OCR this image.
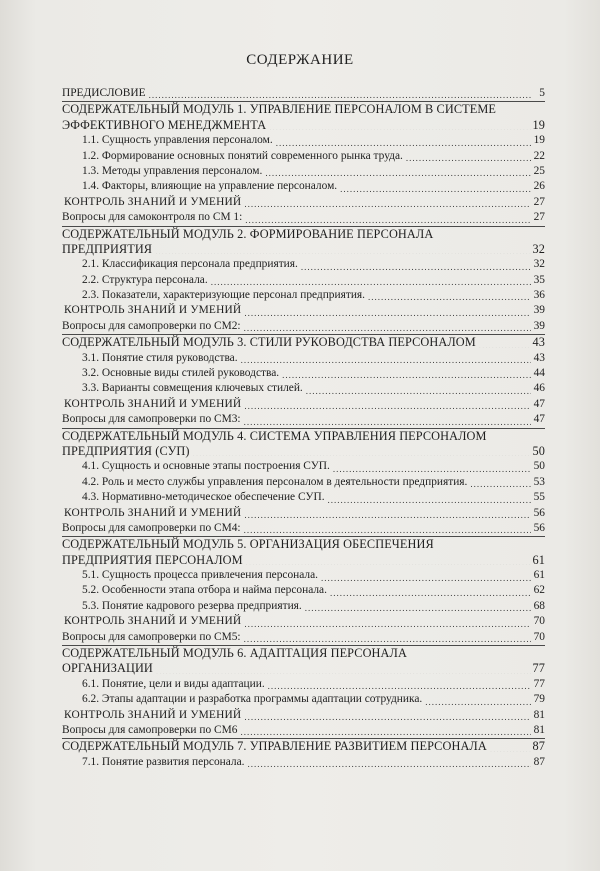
СОДЕРЖАНИЕ
ПРЕДИСЛОВИЕ .....	5
СОДЕРЖАТЕЛЬНЫЙ МОДУЛЬ 1. УПРАВЛЕНИЕ ПЕРСОНАЛОМ В СИСТЕМЕ
ЭФФЕКТИВНОГО МЕНЕДЖМЕНТА .....	19
1.1. Сущность управления персоналом. .....	19
1.2. Формирование основных понятий современного рынка труда. .....	22
1.3. Методы управления персоналом. .....	25
1.4. Факторы, влияющие на управление персоналом. .....	26
КОНТРОЛЬ ЗНАНИЙ И УМЕНИЙ .....	27
Вопросы для самоконтроля по СМ 1: .....	27
СОДЕРЖАТЕЛЬНЫЙ МОДУЛЬ 2. ФОРМИРОВАНИЕ ПЕРСОНАЛА
ПРЕДПРИЯТИЯ .....	32
2.1. Классификация персонала предприятия. .....	32
2.2. Структура персонала. .....	35
2.3. Показатели, характеризующие персонал предприятия. .....	36
КОНТРОЛЬ ЗНАНИЙ И УМЕНИЙ .....	39
Вопросы для самопроверки по СМ2: .....	39
СОДЕРЖАТЕЛЬНЫЙ МОДУЛЬ 3. СТИЛИ РУКОВОДСТВА ПЕРСОНАЛОМ .....	43
3.1. Понятие стиля руководства. .....	43
3.2. Основные виды стилей руководства. .....	44
3.3. Варианты совмещения ключевых стилей. .....	46
КОНТРОЛЬ ЗНАНИЙ И УМЕНИЙ .....	47
Вопросы для самопроверки по СМ3: .....	47
СОДЕРЖАТЕЛЬНЫЙ МОДУЛЬ 4. СИСТЕМА УПРАВЛЕНИЯ ПЕРСОНАЛОМ
ПРЕДПРИЯТИЯ (СУП) .....	50
4.1. Сущность и основные этапы построения СУП. .....	50
4.2. Роль и место службы управления персоналом в деятельности предприятия. .....	53
4.3. Нормативно-методическое обеспечение СУП. .....	55
КОНТРОЛЬ ЗНАНИЙ И УМЕНИЙ .....	56
Вопросы для самопроверки по СМ4: .....	56
СОДЕРЖАТЕЛЬНЫЙ МОДУЛЬ 5. ОРГАНИЗАЦИЯ ОБЕСПЕЧЕНИЯ
ПРЕДПРИЯТИЯ ПЕРСОНАЛОМ .....	61
5.1. Сущность процесса привлечения персонала. .....	61
5.2. Особенности этапа отбора и найма персонала. .....	62
5.3. Понятие кадрового резерва предприятия. .....	68
КОНТРОЛЬ ЗНАНИЙ И УМЕНИЙ .....	70
Вопросы для самопроверки по СМ5: .....	70
СОДЕРЖАТЕЛЬНЫЙ МОДУЛЬ 6. АДАПТАЦИЯ ПЕРСОНАЛА
ОРГАНИЗАЦИИ .....	77
6.1. Понятие, цели и виды адаптации. .....	77
6.2. Этапы адаптации и разработка программы адаптации сотрудника. .....	79
КОНТРОЛЬ ЗНАНИЙ И УМЕНИЙ .....	81
Вопросы для самопроверки по СМ6 .....	81
СОДЕРЖАТЕЛЬНЫЙ МОДУЛЬ 7. УПРАВЛЕНИЕ РАЗВИТИЕМ ПЕРСОНАЛА .....	87
7.1. Понятие развития персонала. .....	87
